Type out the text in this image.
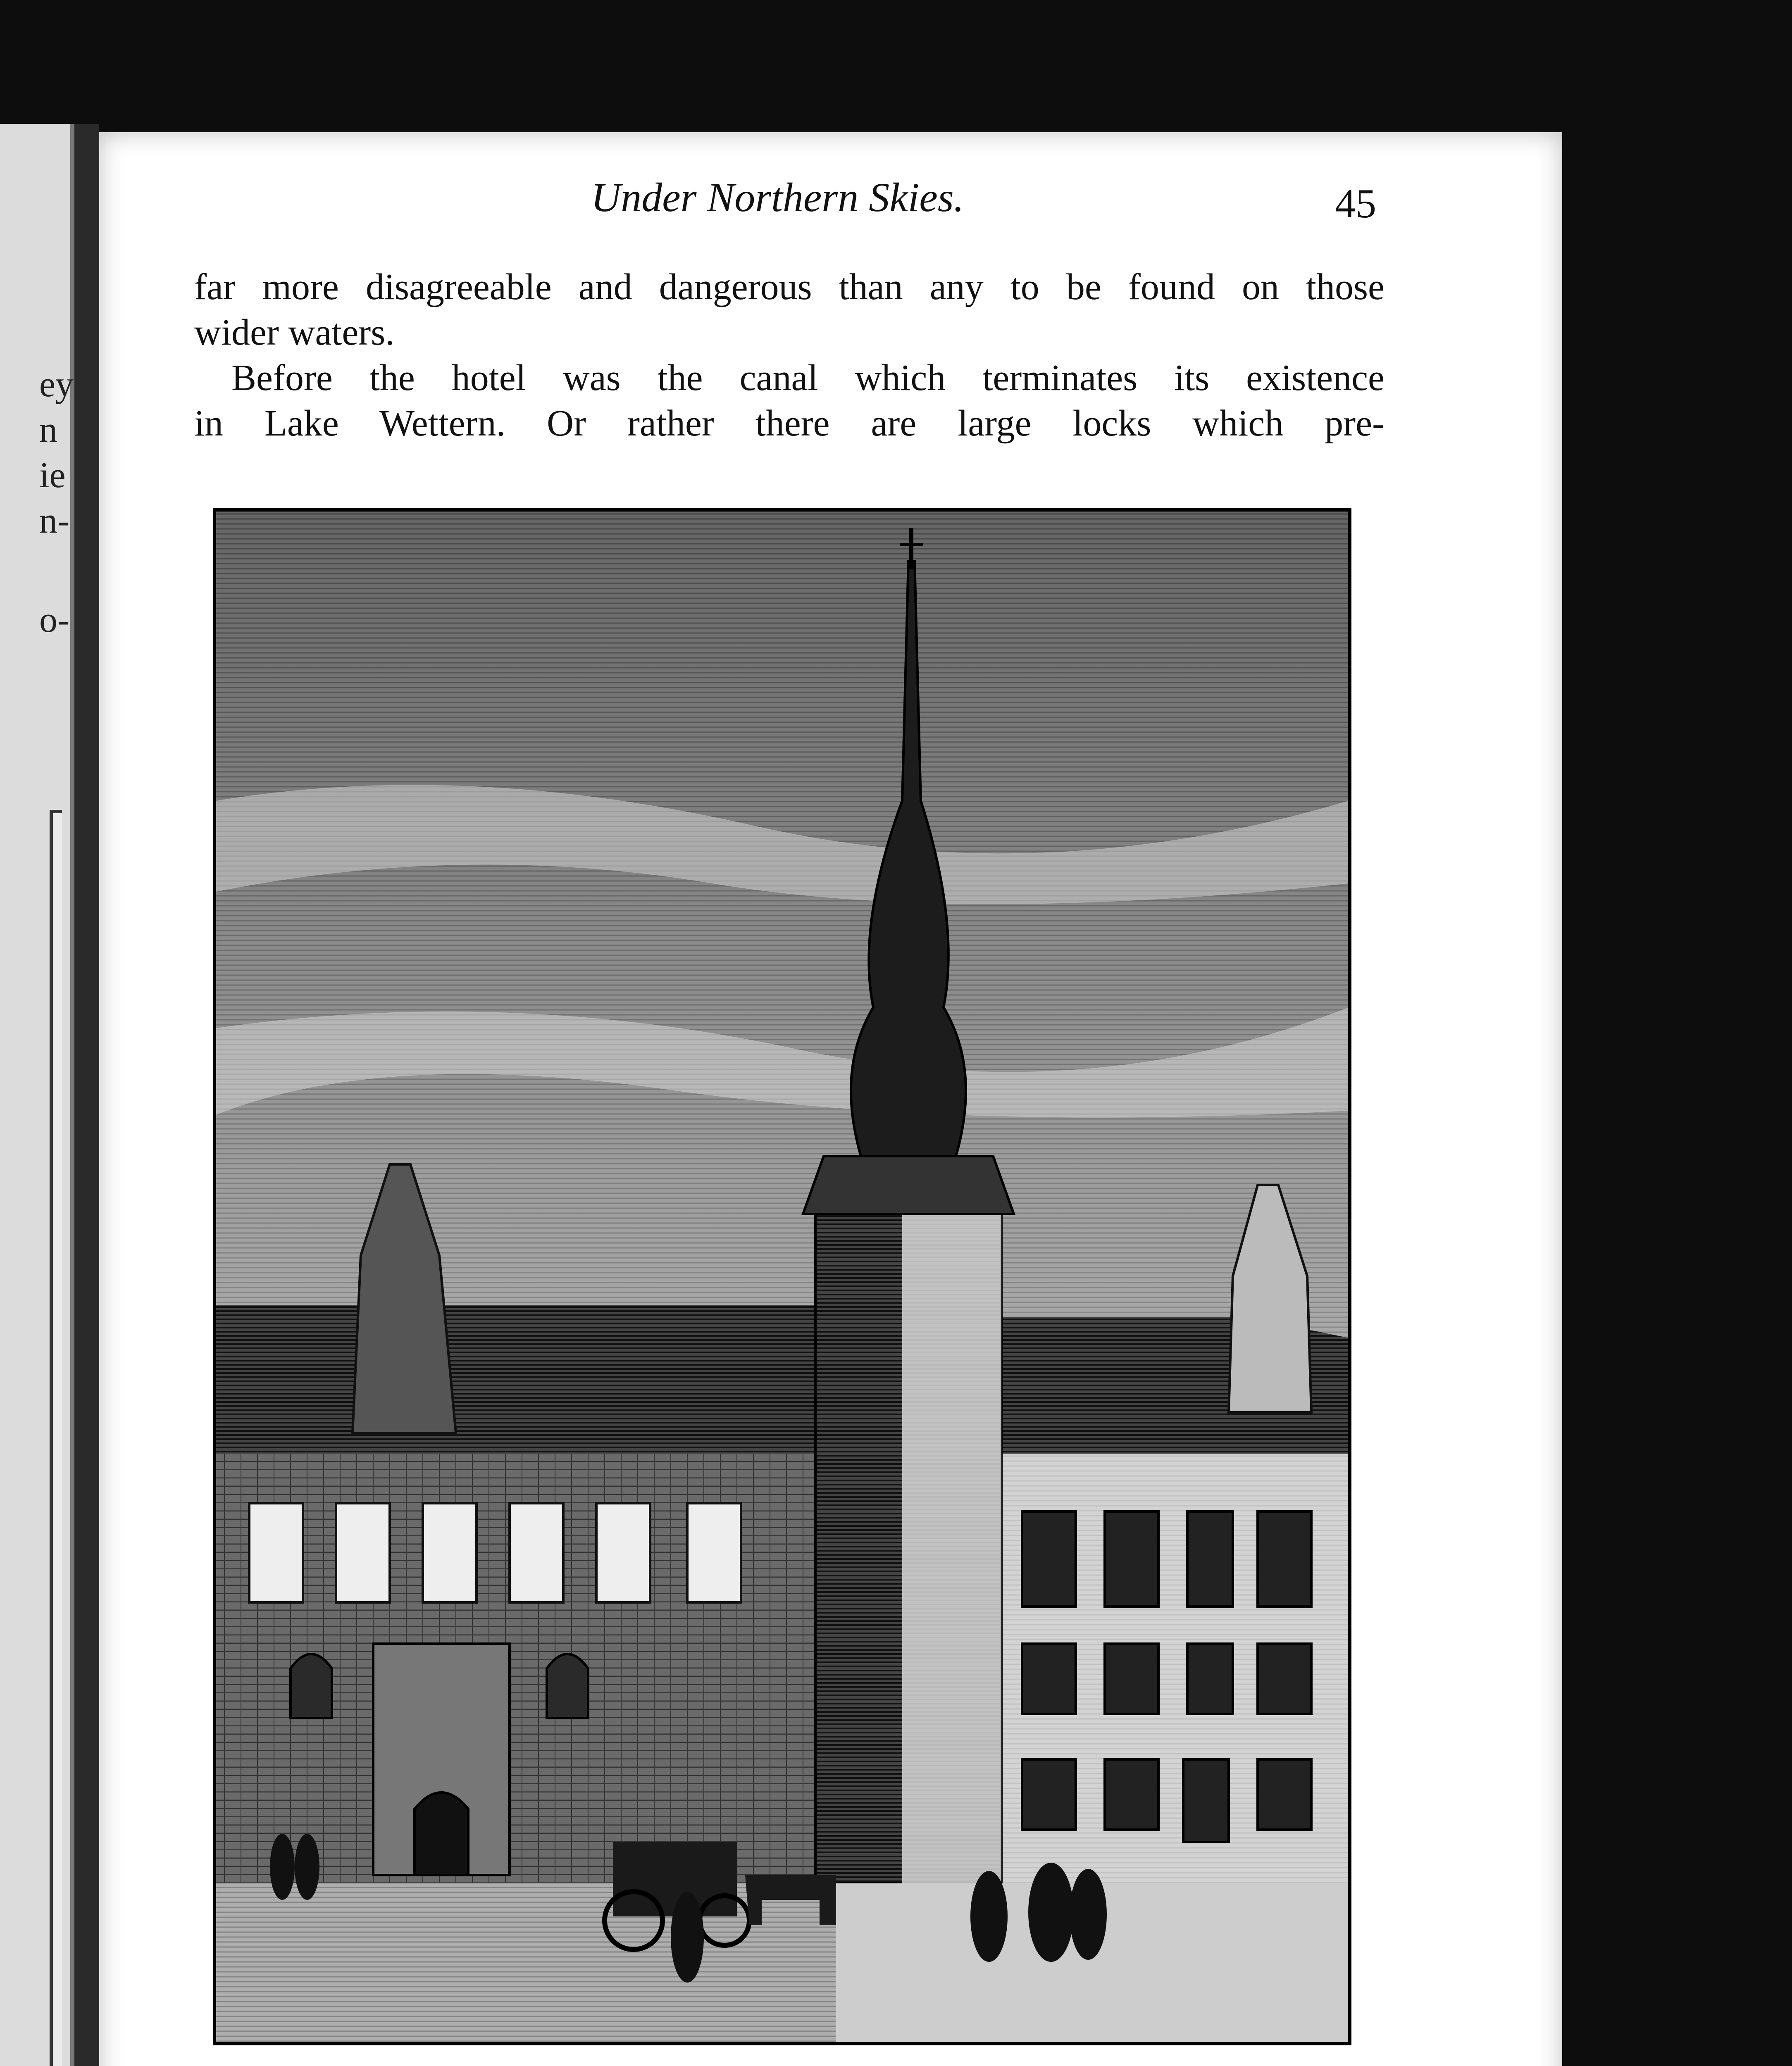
ey
n
ie
n-
o-
Under Northern Skies.	45
far more disagreeable and dangerous than any to be found on those
wider waters.
Before the hotel was the canal which terminates its existence
in Lake Wettern. Or rather there are large locks which pre-
